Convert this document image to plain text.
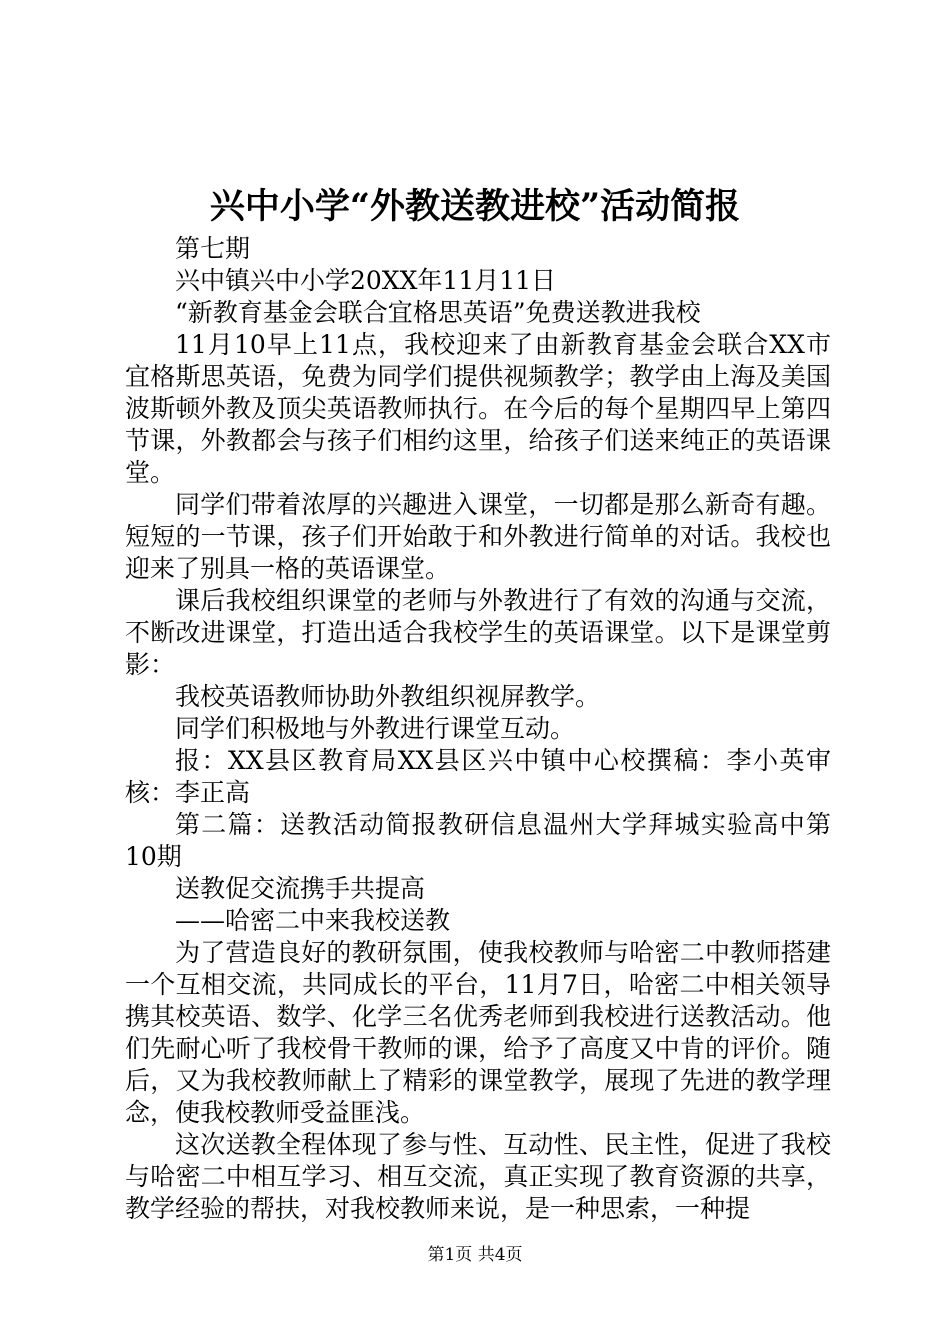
兴中小学“外教送教进校”活动简报

第七期

兴中镇兴中小学20XX年11月11日

“新教育基金会联合宜格思英语”免费送教进我校

11月10早上11点，我校迎来了由新教育基金会联合XX市宜格斯思英语，免费为同学们提供视频教学；教学由上海及美国波斯顿外教及顶尖英语教师执行。在今后的每个星期四早上第四节课，外教都会与孩子们相约这里，给孩子们送来纯正的英语课堂。

同学们带着浓厚的兴趣进入课堂，一切都是那么新奇有趣。短短的一节课，孩子们开始敢于和外教进行简单的对话。我校也迎来了别具一格的英语课堂。

课后我校组织课堂的老师与外教进行了有效的沟通与交流，不断改进课堂，打造出适合我校学生的英语课堂。以下是课堂剪影：

我校英语教师协助外教组织视屏教学。

同学们积极地与外教进行课堂互动。

报：XX县区教育局XX县区兴中镇中心校撰稿：李小英审核：李正高

第二篇：送教活动简报教研信息温州大学拜城实验高中第10期

送教促交流携手共提高

——哈密二中来我校送教

为了营造良好的教研氛围，使我校教师与哈密二中教师搭建一个互相交流，共同成长的平台，11月7日，哈密二中相关领导携其校英语、数学、化学三名优秀老师到我校进行送教活动。他们先耐心听了我校骨干教师的课，给予了高度又中肯的评价。随后，又为我校教师献上了精彩的课堂教学，展现了先进的教学理念，使我校教师受益匪浅。

这次送教全程体现了参与性、互动性、民主性，促进了我校与哈密二中相互学习、相互交流，真正实现了教育资源的共享，教学经验的帮扶，对我校教师来说，是一种思索，一种提

第1页 共4页
